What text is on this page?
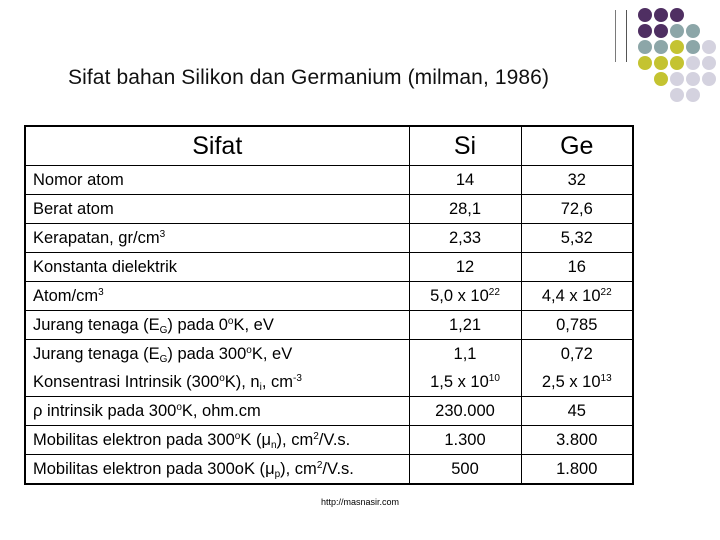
Sifat bahan Silikon dan Germanium (milman, 1986)
Sifat	Si	Ge
Nomor atom	14	32
Berat atom	28,1	72,6
Kerapatan, $gr/cm^3$	2,33	5,32
Konstanta dielektrik	12	16
Atom/$cm^3$	5,0 x $10^{22}$	4,4 x $10^{22}$
Jurang tenaga $(E_G)$ pada 0$^o$K, eV	1,21	0,785
Jurang tenaga $(E_G)$ pada 300$^o$K, eV	1,1	0,72
Konsentrasi Intrinsik (300$^o$K), $n_i$, $cm^{-3}$	1,5 x $10^{10}$	2,5 x $10^{13}$
ρ intrinsik pada 300$^o$K, ohm.cm	230.000	45
Mobilitas elektron pada 300$^o$K $(\mu_n)$, $cm^2/V.s$.	1.300	3.800
Mobilitas elektron pada 300oK $(\mu_p)$, $cm^2/V.s$.	500	1.800
http://masnasir.com
